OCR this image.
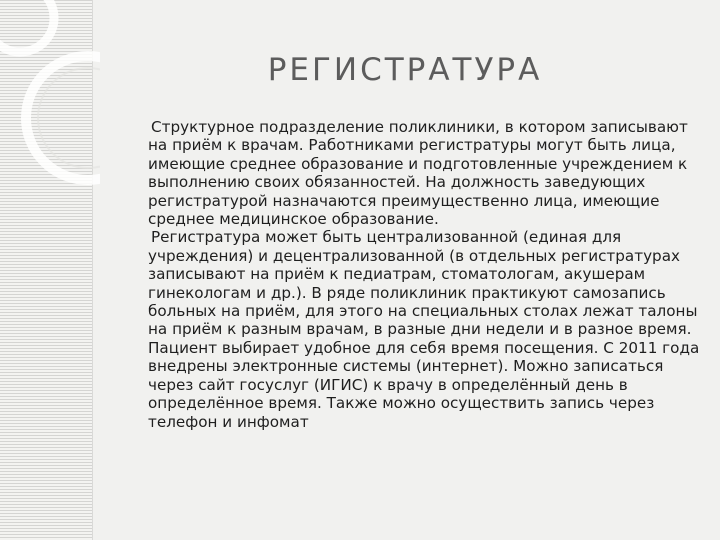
РЕГИСТРАТУРА

Структурное подразделение поликлиники, в котором записывают на приём к врачам. Работниками регистратуры могут быть лица, имеющие среднее образование и подготовленные учреждением к выполнению своих обязанностей. На должность заведующих регистратурой назначаются преимущественно лица, имеющие среднее медицинское образование.

Регистратура может быть централизованной (единая для учреждения) и децентрализованной (в отдельных регистратурах записывают на приём к педиатрам, стоматологам, акушерам гинекологам и др.). В ряде поликлиник практикуют самозапись больных на приём, для этого на специальных столах лежат талоны на приём к разным врачам, в разные дни недели и в разное время. Пациент выбирает удобное для себя время посещения. С 2011 года внедрены электронные системы (интернет). Можно записаться через сайт госуслуг (ИГИС) к врачу в определённый день в определённое время. Также можно осуществить запись через телефон и инфомат
